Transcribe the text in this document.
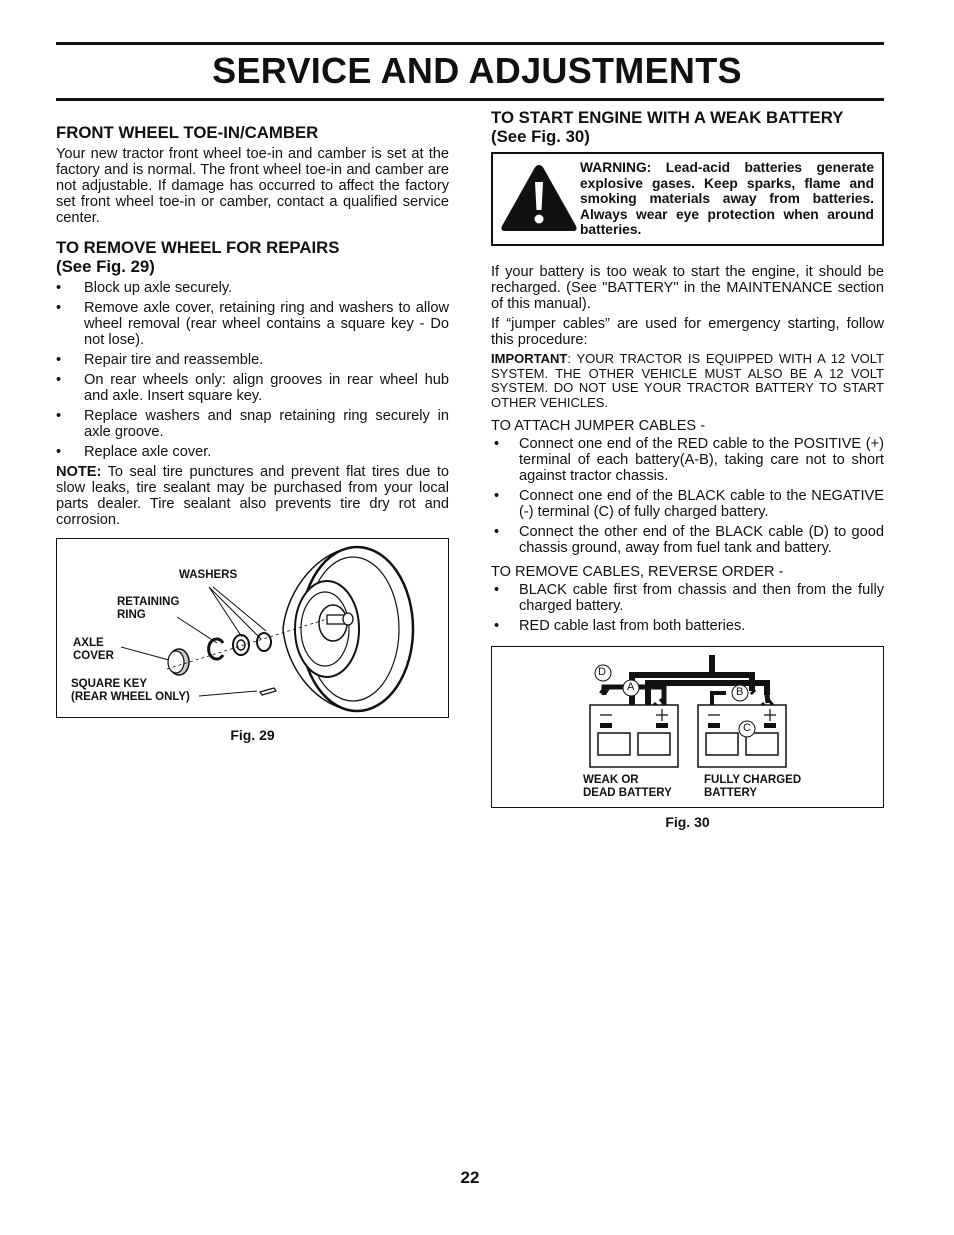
SERVICE AND ADJUSTMENTS
FRONT WHEEL TOE-IN/CAMBER

Your new tractor front wheel toe-in and camber is set at the factory and is normal. The front wheel toe-in and camber are not adjustable. If damage has occurred to affect the factory set front wheel toe-in or camber, contact a qualified service center.

TO REMOVE WHEEL FOR REPAIRS
(See Fig. 29)
• Block up axle securely.
• Remove axle cover, retaining ring and washers to allow wheel removal (rear wheel contains a square key - Do not lose).
• Repair tire and reassemble.
• On rear wheels only: align grooves in rear wheel hub and axle. Insert square key.
• Replace washers and snap retaining ring securely in axle groove.
• Replace axle cover.

NOTE: To seal tire punctures and prevent flat tires due to slow leaks, tire sealant may be purchased from your local parts dealer. Tire sealant also prevents tire dry rot and corrosion.

WASHERS
RETAINING
RING
AXLE
COVER
SQUARE KEY
(REAR WHEEL ONLY)
Fig. 29
TO START ENGINE WITH A WEAK BATTERY
(See Fig. 30)
WARNING: Lead-acid batteries generate explosive gases. Keep sparks, flame and smoking materials away from batteries. Always wear eye protection when around batteries.

If your battery is too weak to start the engine, it should be recharged. (See "BATTERY" in the MAINTENANCE section of this manual).

If “jumper cables” are used for emergency starting, follow this procedure:

IMPORTANT: YOUR TRACTOR IS EQUIPPED WITH A 12 VOLT SYSTEM. THE OTHER VEHICLE MUST ALSO BE A 12 VOLT SYSTEM. DO NOT USE YOUR TRACTOR BATTERY TO START OTHER VEHICLES.

TO ATTACH JUMPER CABLES -

• Connect one end of the RED cable to the POSITIVE (+) terminal of each battery(A-B), taking care not to short against tractor chassis.
• Connect one end of the BLACK cable to the NEGATIVE (-) terminal (C) of fully charged battery.
• Connect the other end of the BLACK cable (D) to good chassis ground, away from fuel tank and battery.

TO REMOVE CABLES, REVERSE ORDER -

• BLACK cable first from chassis and then from the fully charged battery.
• RED cable last from both batteries.
D
A	B
C
WEAK OR
DEAD BATTERY
FULLY CHARGED
BATTERY
Fig. 30
22
